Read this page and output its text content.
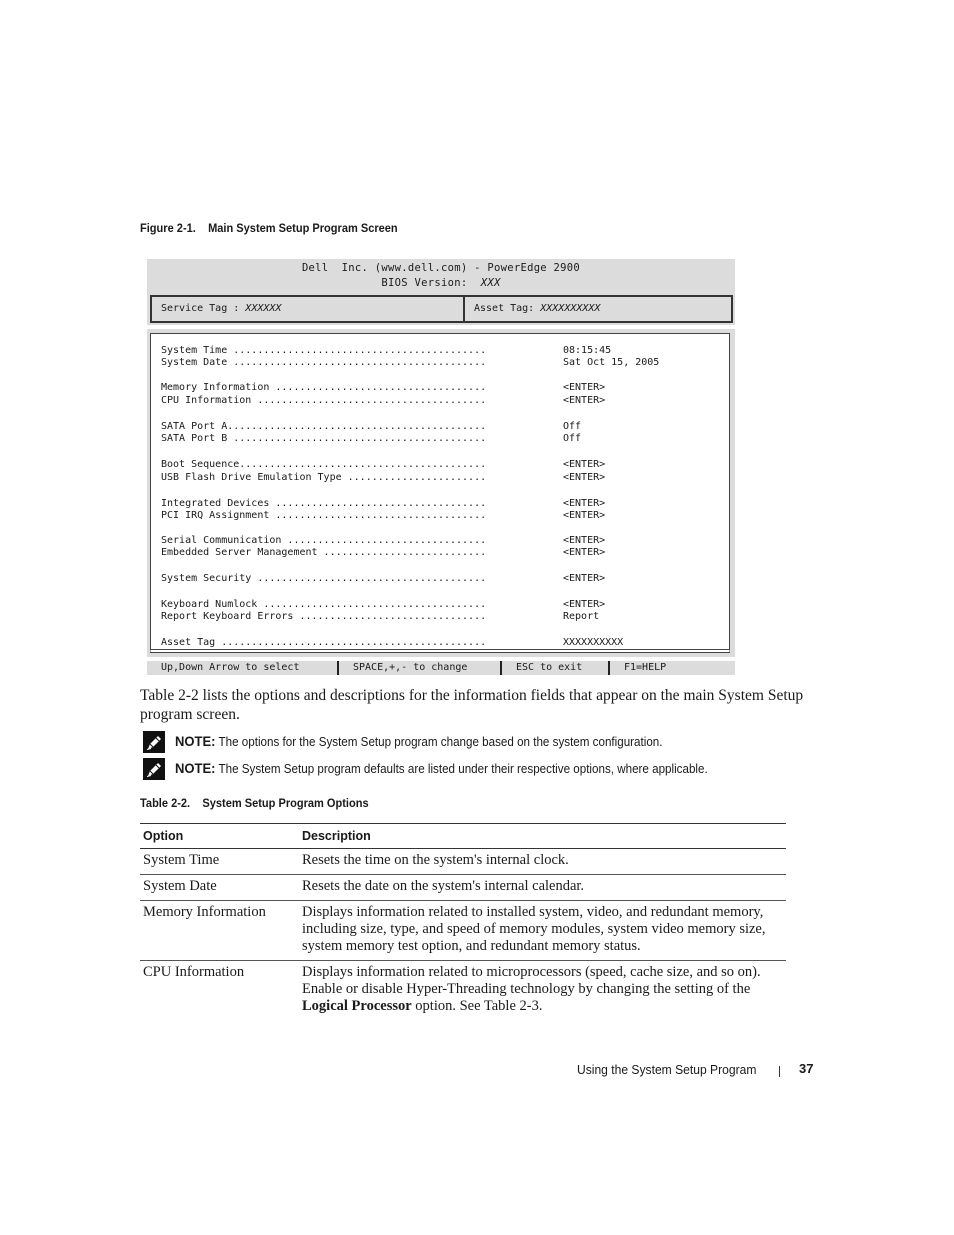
Figure 2-1.    Main System Setup Program Screen
Dell  Inc. (www.dell.com) - PowerEdge 2900
BIOS Version:  XXX
Service Tag : XXXXXX	Asset Tag: XXXXXXXXXX
System Time ..........................................	08:15:45
System Date ..........................................	Sat Oct 15, 2005
Memory Information ...................................	<ENTER>
CPU Information ......................................	<ENTER>
SATA Port A...........................................	Off
SATA Port B ..........................................	Off
Boot Sequence.........................................	<ENTER>
USB Flash Drive Emulation Type .......................	<ENTER>
Integrated Devices ...................................	<ENTER>
PCI IRQ Assignment ...................................	<ENTER>
Serial Communication .................................	<ENTER>
Embedded Server Management ...........................	<ENTER>
System Security ......................................	<ENTER>
Keyboard Numlock .....................................	<ENTER>
Report Keyboard Errors ...............................	Report
Asset Tag ............................................	XXXXXXXXXX

Up,Down Arrow to select

	SPACE,+,- to change

	ESC to exit

	F1=HELP

Table 2-2 lists the options and descriptions for the information fields that appear on the main System Setup program screen.

NOTE: The options for the System Setup program change based on the system configuration.
NOTE: The System Setup program defaults are listed under their respective options, where applicable.
Table 2-2.    System Setup Program Options
Option	Description
System Time	Resets the time on the system's internal clock.
System Date	Resets the date on the system's internal calendar.
Memory Information	Displays information related to installed system, video, and redundant memory, including size, type, and speed of memory modules, system video memory size, system memory test option, and redundant memory status.
CPU Information	Displays information related to microprocessors (speed, cache size, and so on). Enable or disable Hyper-Threading technology by changing the setting of the Logical Processor option. See Table 2-3.
Using the System Setup Program	37
